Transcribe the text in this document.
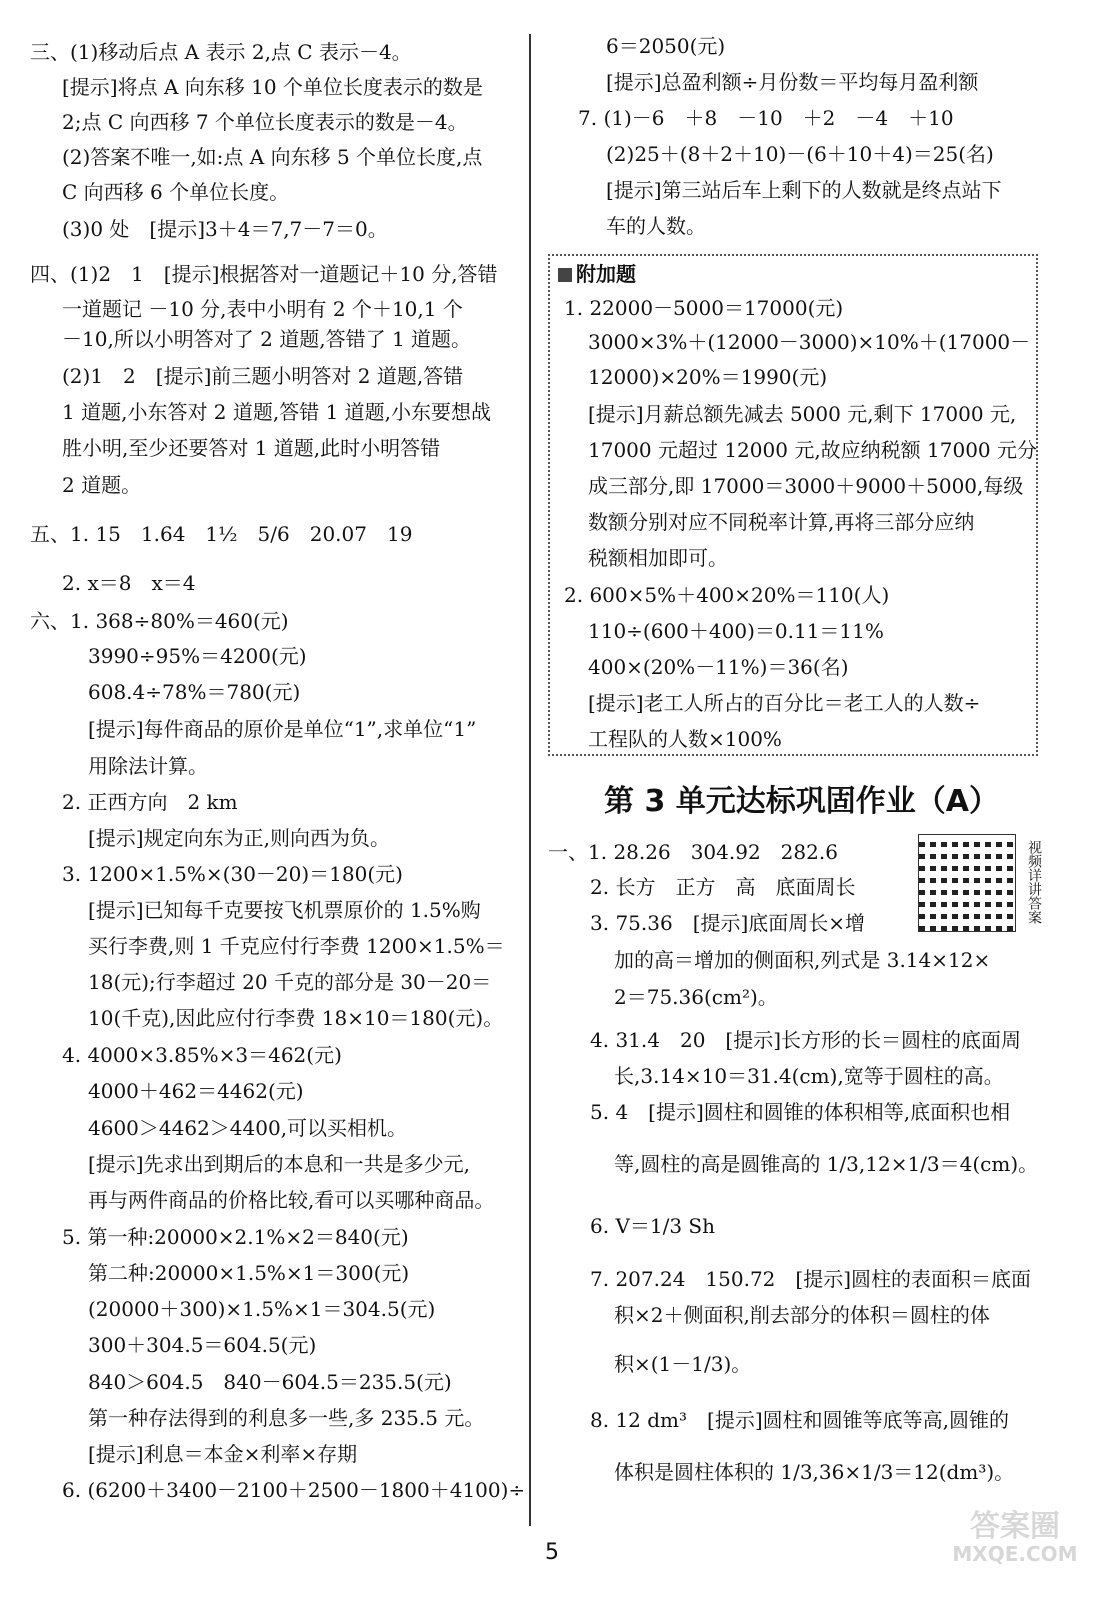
三、(1)移动后点 A 表示 2,点 C 表示－4。
[提示]将点 A 向东移 10 个单位长度表示的数是
2;点 C 向西移 7 个单位长度表示的数是－4。
(2)答案不唯一,如:点 A 向东移 5 个单位长度,点
C 向西移 6 个单位长度。
(3)0 处　[提示]3＋4＝7,7－7＝0。
四、(1)2　1　[提示]根据答对一道题记＋10 分,答错
一道题记 －10 分,表中小明有 2 个＋10,1 个
－10,所以小明答对了 2 道题,答错了 1 道题。
(2)1　2　[提示]前三题小明答对 2 道题,答错
1 道题,小东答对 2 道题,答错 1 道题,小东要想战
胜小明,至少还要答对 1 道题,此时小明答错
2 道题。
五、1. 15　1.64　1½　5/6　20.07　19
2. x＝8　x＝4
六、1. 368÷80%＝460(元)
3990÷95%＝4200(元)
608.4÷78%＝780(元)
[提示]每件商品的原价是单位“1”,求单位“1”
用除法计算。
2. 正西方向　2 km
[提示]规定向东为正,则向西为负。
3. 1200×1.5%×(30－20)＝180(元)
[提示]已知每千克要按飞机票原价的 1.5%购
买行李费,则 1 千克应付行李费 1200×1.5%＝
18(元);行李超过 20 千克的部分是 30－20＝
10(千克),因此应付行李费 18×10＝180(元)。
4. 4000×3.85%×3＝462(元)
4000＋462＝4462(元)
4600＞4462＞4400,可以买相机。
[提示]先求出到期后的本息和一共是多少元,
再与两件商品的价格比较,看可以买哪种商品。
5. 第一种:20000×2.1%×2＝840(元)
第二种:20000×1.5%×1＝300(元)
(20000＋300)×1.5%×1＝304.5(元)
300＋304.5＝604.5(元)
840＞604.5　840－604.5＝235.5(元)
第一种存法得到的利息多一些,多 235.5 元。
[提示]利息＝本金×利率×存期
6. (6200＋3400－2100＋2500－1800＋4100)÷
6＝2050(元)
[提示]总盈利额÷月份数＝平均每月盈利额
7. (1)－6　＋8　－10　＋2　－4　＋10
(2)25＋(8＋2＋10)－(6＋10＋4)＝25(名)
[提示]第三站后车上剩下的人数就是终点站下
车的人数。
附加题
1. 22000－5000＝17000(元)
3000×3%＋(12000－3000)×10%＋(17000－
12000)×20%＝1990(元)
[提示]月薪总额先减去 5000 元,剩下 17000 元,
17000 元超过 12000 元,故应纳税额 17000 元分
成三部分,即 17000＝3000＋9000＋5000,每级
数额分别对应不同税率计算,再将三部分应纳
税额相加即可。
2. 600×5%＋400×20%＝110(人)
110÷(600＋400)＝0.11＝11%
400×(20%－11%)＝36(名)
[提示]老工人所占的百分比＝老工人的人数÷
工程队的人数×100%
第 3 单元达标巩固作业（A）
视频详讲答案
一、1. 28.26　304.92　282.6
2. 长方　正方　高　底面周长
3. 75.36　[提示]底面周长×增
加的高＝增加的侧面积,列式是 3.14×12×
2＝75.36(cm²)。
4. 31.4　20　[提示]长方形的长＝圆柱的底面周
长,3.14×10＝31.4(cm),宽等于圆柱的高。
5. 4　[提示]圆柱和圆锥的体积相等,底面积也相
等,圆柱的高是圆锥高的 1/3,12×1/3＝4(cm)。
6. V＝1/3 Sh
7. 207.24　150.72　[提示]圆柱的表面积＝底面
积×2＋侧面积,削去部分的体积＝圆柱的体
积×(1－1/3)。
8. 12 dm³　[提示]圆柱和圆锥等底等高,圆锥的
体积是圆柱体积的 1/3,36×1/3＝12(dm³)。
5
答案圈
MXQE.COM
